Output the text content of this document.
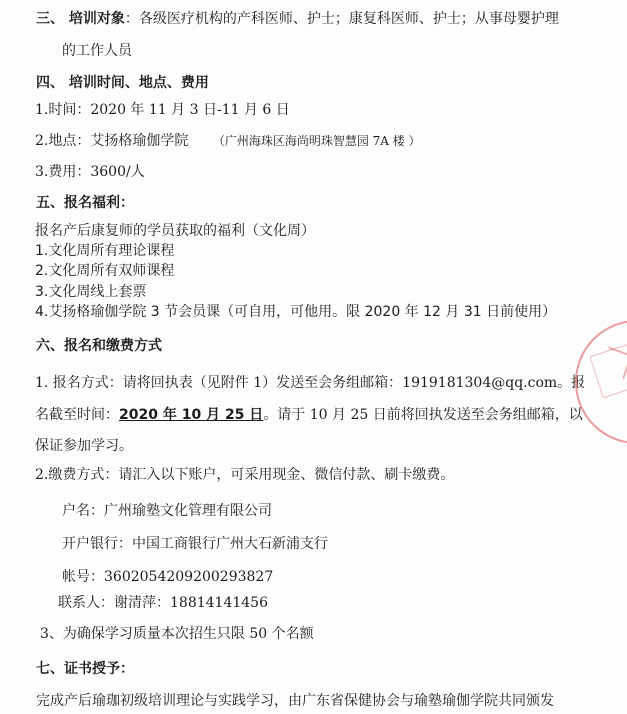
三、 培训对象：各级医疗机构的产科医师、护士；康复科医师、护士；从事母婴护理
的工作人员
四、 培训时间、地点、费用
1.时间：2020 年 11 月 3 日-11 月 6 日
2.地点：艾扬格瑜伽学院 （广州海珠区海尚明珠智慧园 7A 楼 ）
3.费用：3600/人
五、报名福利：
报名产后康复师的学员获取的福利（文化周）
1.文化周所有理论课程
2.文化周所有双师课程
3.文化周线上套票
4.艾扬格瑜伽学院 3 节会员课（可自用，可他用。限 2020 年 12 月 31 日前使用）
六、报名和缴费方式
1. 报名方式：请将回执表（见附件 1）发送至会务组邮箱：1919181304@qq.com。报
名截至时间：2020 年 10 月 25 日。请于 10 月 25 日前将回执发送至会务组邮箱，以
保证参加学习。
2.缴费方式：请汇入以下账户，可采用现金、微信付款、刷卡缴费。
户名：广州瑜塾文化管理有限公司
开户银行：中国工商银行广州大石新浦支行
帐号：3602054209200293827
联系人：谢清萍：18814141456
3、为确保学习质量本次招生只限 50 个名额
七、证书授予：
完成产后瑜珈初级培训理论与实践学习，由广东省保健协会与瑜塾瑜伽学院共同颁发
